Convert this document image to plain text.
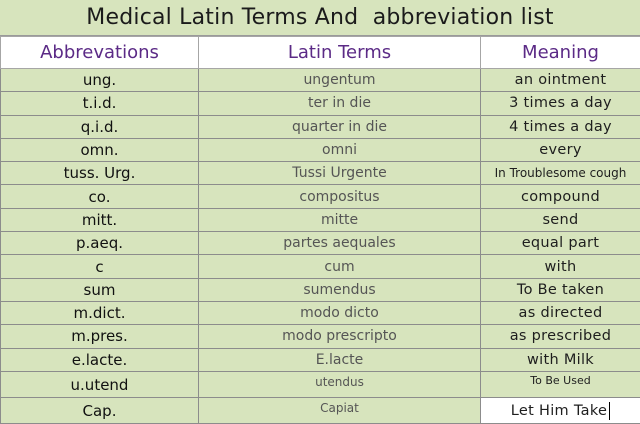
Medical Latin Terms And  abbreviation list
Abbrevations	Latin Terms	Meaning
ung.	ungentum	an ointment
t.i.d.	ter in die	3 times a day
q.i.d.	quarter in die	4 times a day
omn.	omni	every
tuss. Urg.	Tussi Urgente	In Troublesome cough
co.	compositus	compound
mitt.	mitte	send
p.aeq.	partes aequales	equal part
c	cum	with
sum	sumendus	To Be taken
m.dict.	modo dicto	as directed
m.pres.	modo prescripto	as prescribed
e.lacte.	E.lacte	with Milk
u.utend	utendus	To Be Used
Cap.	Capiat	Let Him Take
